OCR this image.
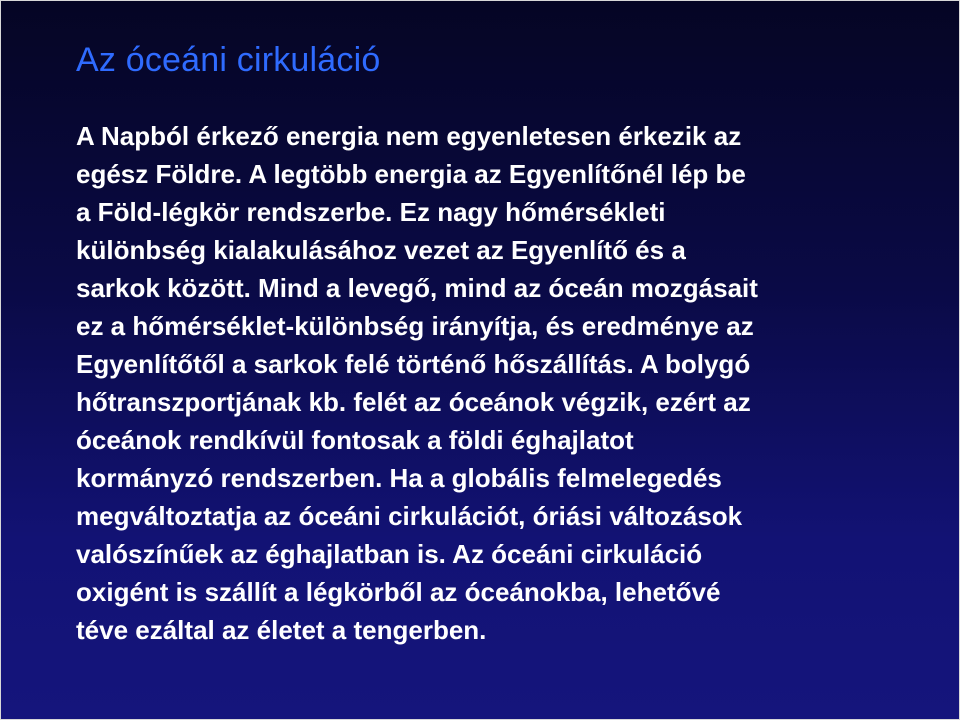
Az óceáni cirkuláció
A Napból érkező energia nem egyenletesen érkezik az
egész Földre. A legtöbb energia az Egyenlítőnél lép be
a Föld-légkör rendszerbe. Ez nagy hőmérsékleti
különbség kialakulásához vezet az Egyenlítő és a
sarkok között. Mind a levegő, mind az óceán mozgásait
ez a hőmérséklet-különbség irányítja, és eredménye az
Egyenlítőtől a sarkok felé történő hőszállítás. A bolygó
hőtranszportjának kb. felét az óceánok végzik, ezért az
óceánok rendkívül fontosak a földi éghajlatot
kormányzó rendszerben. Ha a globális felmelegedés
megváltoztatja az óceáni cirkulációt, óriási változások
valószínűek az éghajlatban is. Az óceáni cirkuláció
oxigént is szállít a légkörből az óceánokba, lehetővé
téve ezáltal az életet a tengerben.
